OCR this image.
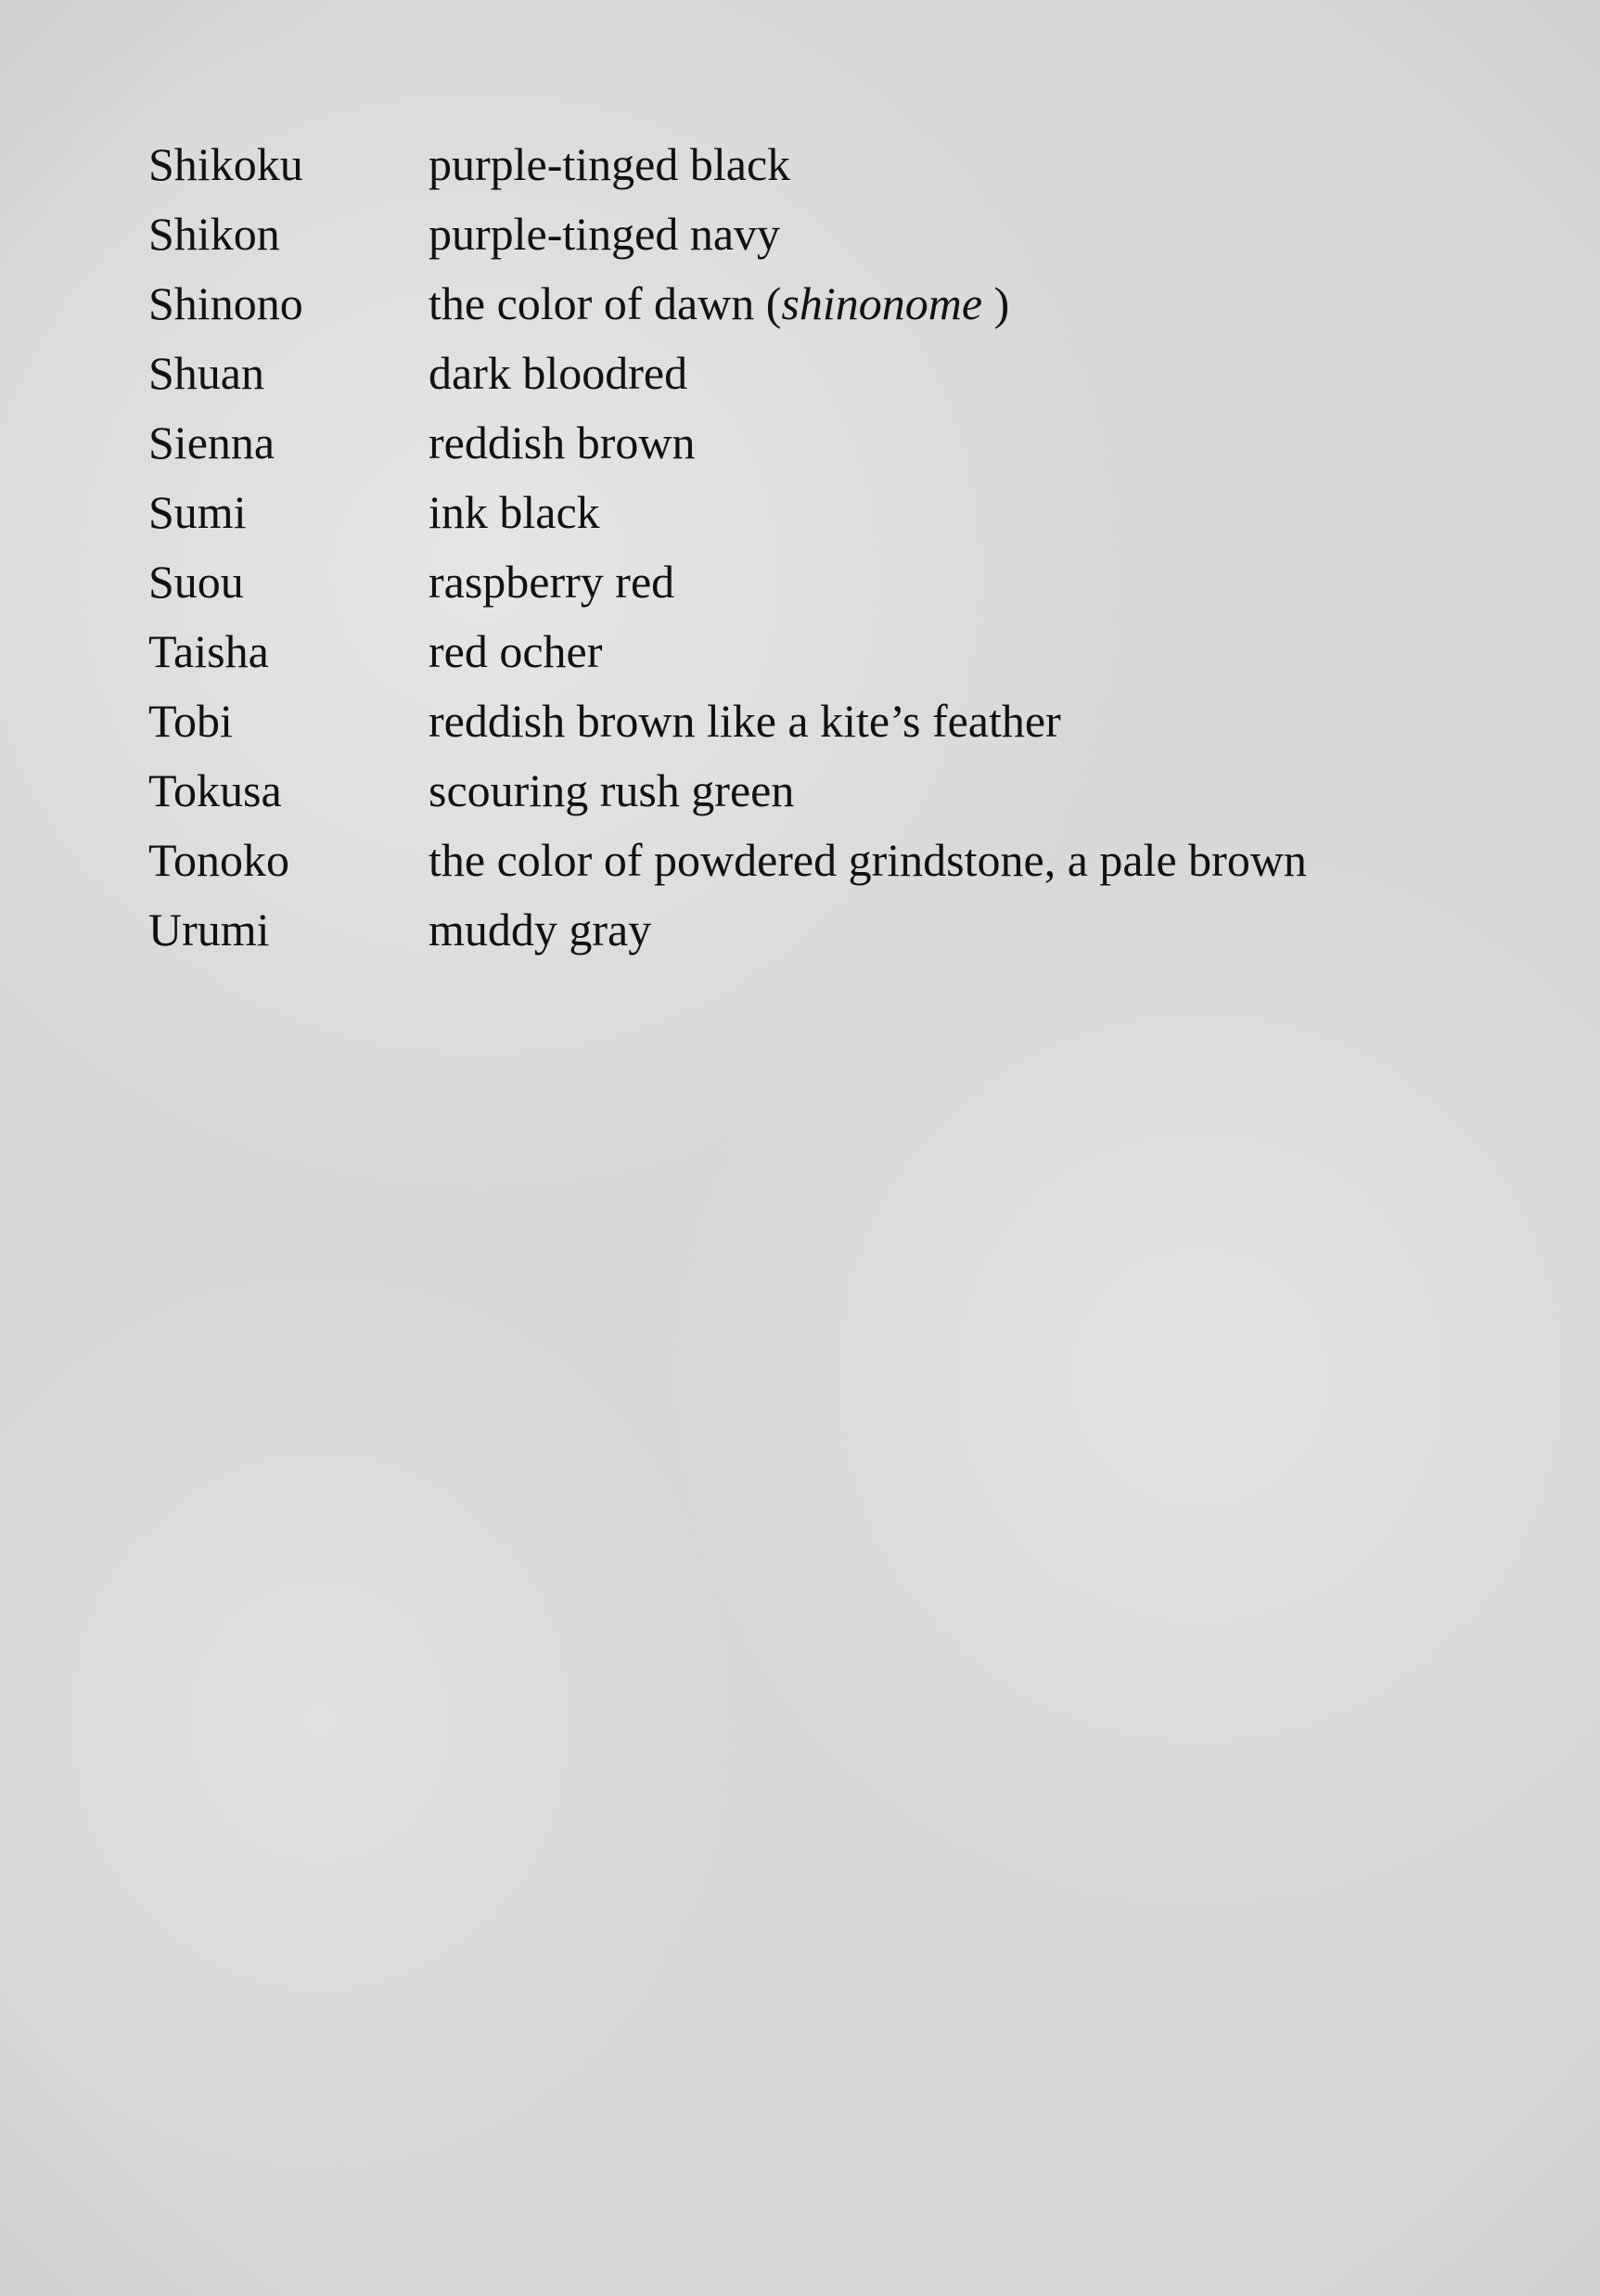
Shikoku	purple-tinged black
Shikon	purple-tinged navy
Shinono	the color of dawn (shinonome )
Shuan	dark bloodred
Sienna	reddish brown
Sumi	ink black
Suou	raspberry red
Taisha	red ocher
Tobi	reddish brown like a kite’s feather
Tokusa	scouring rush green
Tonoko	the color of powdered grindstone, a pale brown
Urumi	muddy gray
